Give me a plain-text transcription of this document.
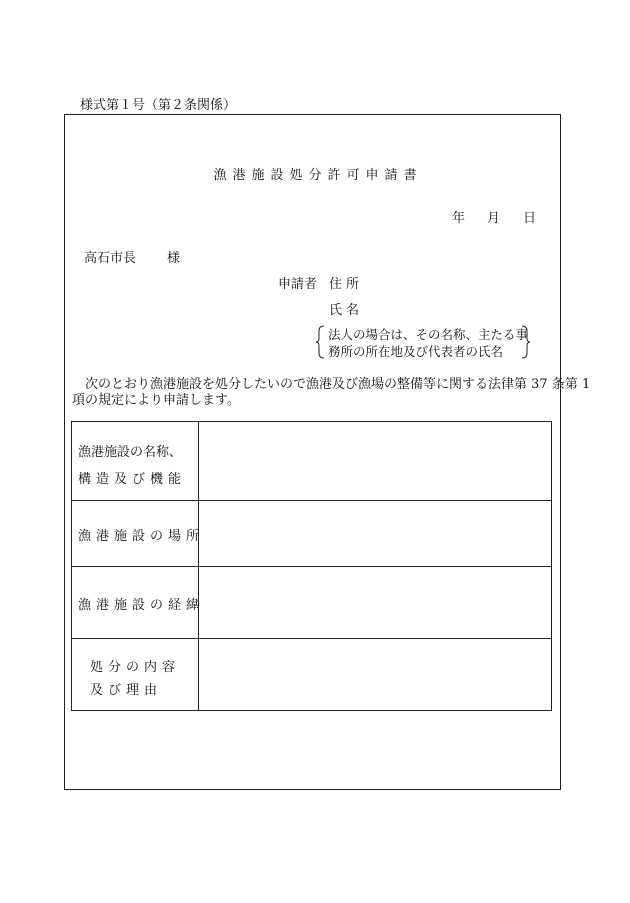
様式第１号（第２条関係）
漁港施設処分許可申請書
年 月 日
高石市長 様
申請者 住所
氏名
法人の場合は、その名称、主たる事
務所の所在地及び代表者の氏名
　次のとおり漁港施設を処分したいので漁港及び漁場の整備等に関する法律第 37 条第 1
項の規定により申請します。
漁港施設の名称、
構造及び機能
漁港施設の場所
漁港施設の経緯
処分の内容
及び理由
